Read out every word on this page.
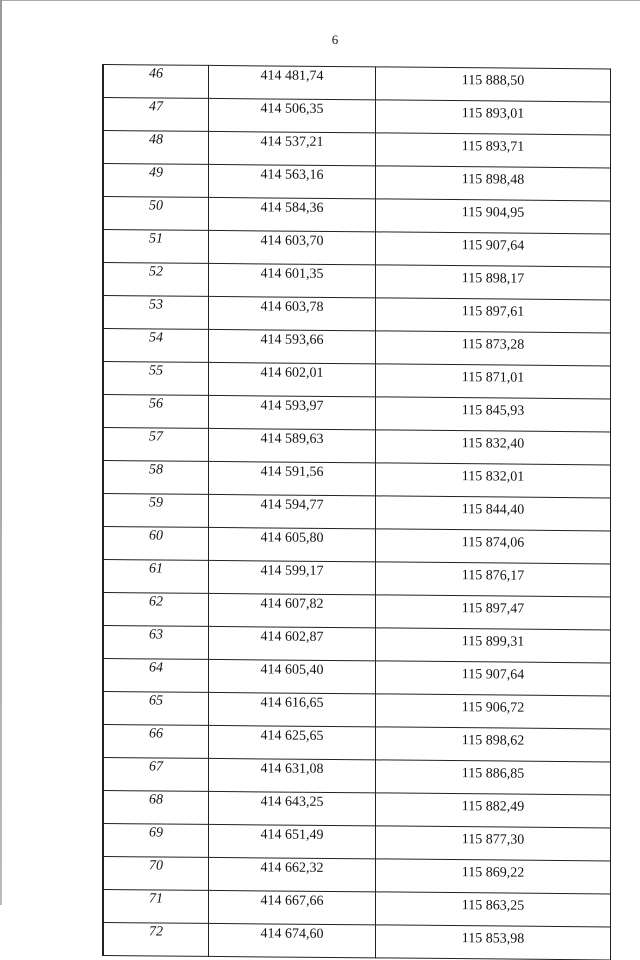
6
46	414 481,74	115 888,50
47	414 506,35	115 893,01
48	414 537,21	115 893,71
49	414 563,16	115 898,48
50	414 584,36	115 904,95
51	414 603,70	115 907,64
52	414 601,35	115 898,17
53	414 603,78	115 897,61
54	414 593,66	115 873,28
55	414 602,01	115 871,01
56	414 593,97	115 845,93
57	414 589,63	115 832,40
58	414 591,56	115 832,01
59	414 594,77	115 844,40
60	414 605,80	115 874,06
61	414 599,17	115 876,17
62	414 607,82	115 897,47
63	414 602,87	115 899,31
64	414 605,40	115 907,64
65	414 616,65	115 906,72
66	414 625,65	115 898,62
67	414 631,08	115 886,85
68	414 643,25	115 882,49
69	414 651,49	115 877,30
70	414 662,32	115 869,22
71	414 667,66	115 863,25
72	414 674,60	115 853,98
